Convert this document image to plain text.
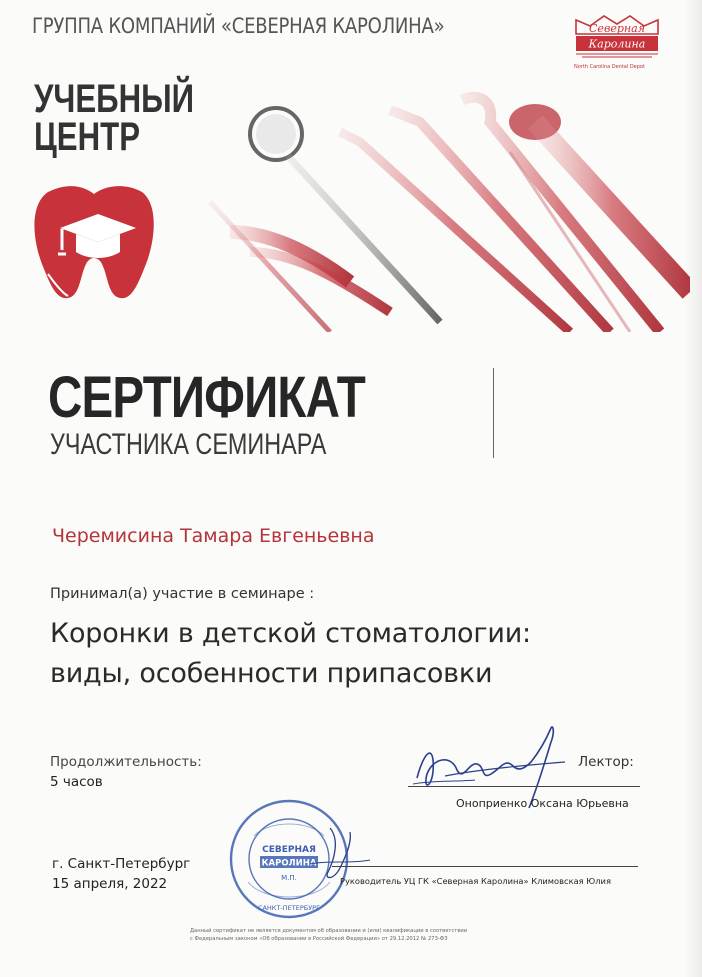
ГРУППА КОМПАНИЙ «СЕВЕРНАЯ КАРОЛИНА»	Северная
Каролина
North Carolina Dental Depot
УЧЕБНЫЙ
ЦЕНТР
СЕРТИФИКАТ
УЧАСТНИКА СЕМИНАРА
Черемисина Тамара Евгеньевна
Принимал(а) участие в семинаре :
Коронки в детской стоматологии:
виды, особенности припасовки
Продолжительность:
5 часов
Лектор:
Оноприенко Оксана Юрьевна
г. Санкт-Петербург
15 апреля, 2022
СЕВЕРНАЯ
КАРОЛИНА
М.П.
САНКТ-ПЕТЕРБУРГ
Руководитель УЦ ГК «Северная Каролина» Климовская Юлия
Данный сертификат не является документом об образовании и (или) квалификации в соответствии
с Федеральным законом «Об образовании в Российской Федерации» от 29.12.2012 № 273-ФЗ
